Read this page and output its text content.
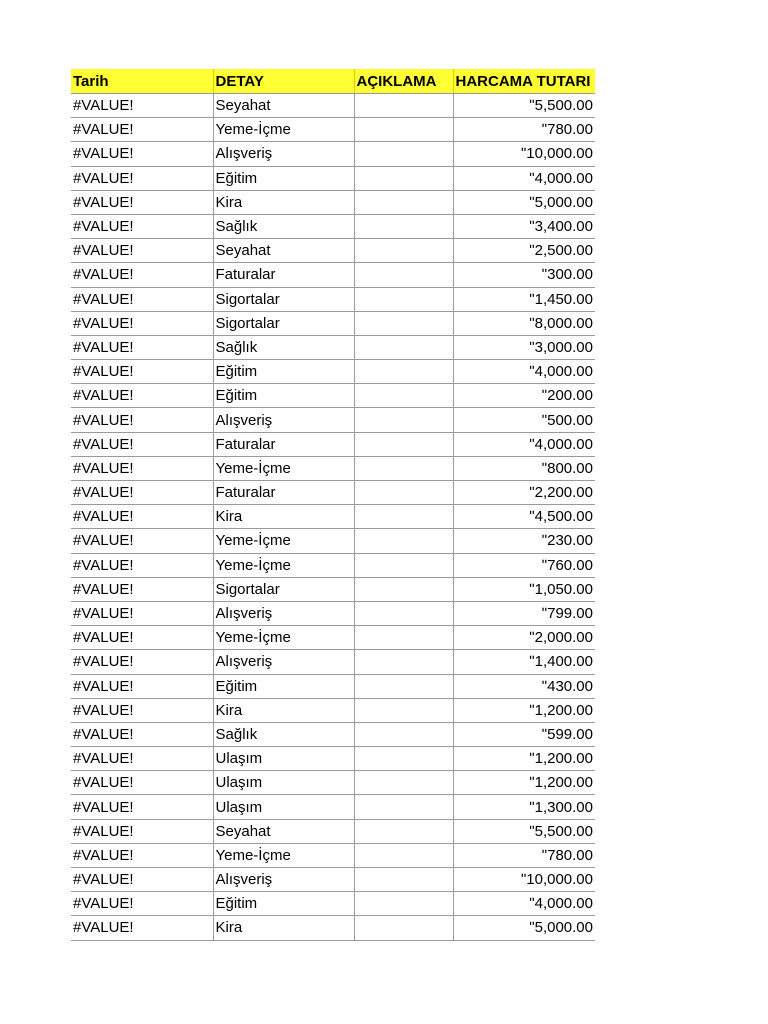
Tarih	DETAY	AÇIKLAMA	HARCAMA TUTARI
#VALUE!	Seyahat		ʺ5,500.00
#VALUE!	Yeme-İçme		ʺ780.00
#VALUE!	Alışveriş		ʺ10,000.00
#VALUE!	Eğitim		ʺ4,000.00
#VALUE!	Kira		ʺ5,000.00
#VALUE!	Sağlık		ʺ3,400.00
#VALUE!	Seyahat		ʺ2,500.00
#VALUE!	Faturalar		ʺ300.00
#VALUE!	Sigortalar		ʺ1,450.00
#VALUE!	Sigortalar		ʺ8,000.00
#VALUE!	Sağlık		ʺ3,000.00
#VALUE!	Eğitim		ʺ4,000.00
#VALUE!	Eğitim		ʺ200.00
#VALUE!	Alışveriş		ʺ500.00
#VALUE!	Faturalar		ʺ4,000.00
#VALUE!	Yeme-İçme		ʺ800.00
#VALUE!	Faturalar		ʺ2,200.00
#VALUE!	Kira		ʺ4,500.00
#VALUE!	Yeme-İçme		ʺ230.00
#VALUE!	Yeme-İçme		ʺ760.00
#VALUE!	Sigortalar		ʺ1,050.00
#VALUE!	Alışveriş		ʺ799.00
#VALUE!	Yeme-İçme		ʺ2,000.00
#VALUE!	Alışveriş		ʺ1,400.00
#VALUE!	Eğitim		ʺ430.00
#VALUE!	Kira		ʺ1,200.00
#VALUE!	Sağlık		ʺ599.00
#VALUE!	Ulaşım		ʺ1,200.00
#VALUE!	Ulaşım		ʺ1,200.00
#VALUE!	Ulaşım		ʺ1,300.00
#VALUE!	Seyahat		ʺ5,500.00
#VALUE!	Yeme-İçme		ʺ780.00
#VALUE!	Alışveriş		ʺ10,000.00
#VALUE!	Eğitim		ʺ4,000.00
#VALUE!	Kira		ʺ5,000.00
